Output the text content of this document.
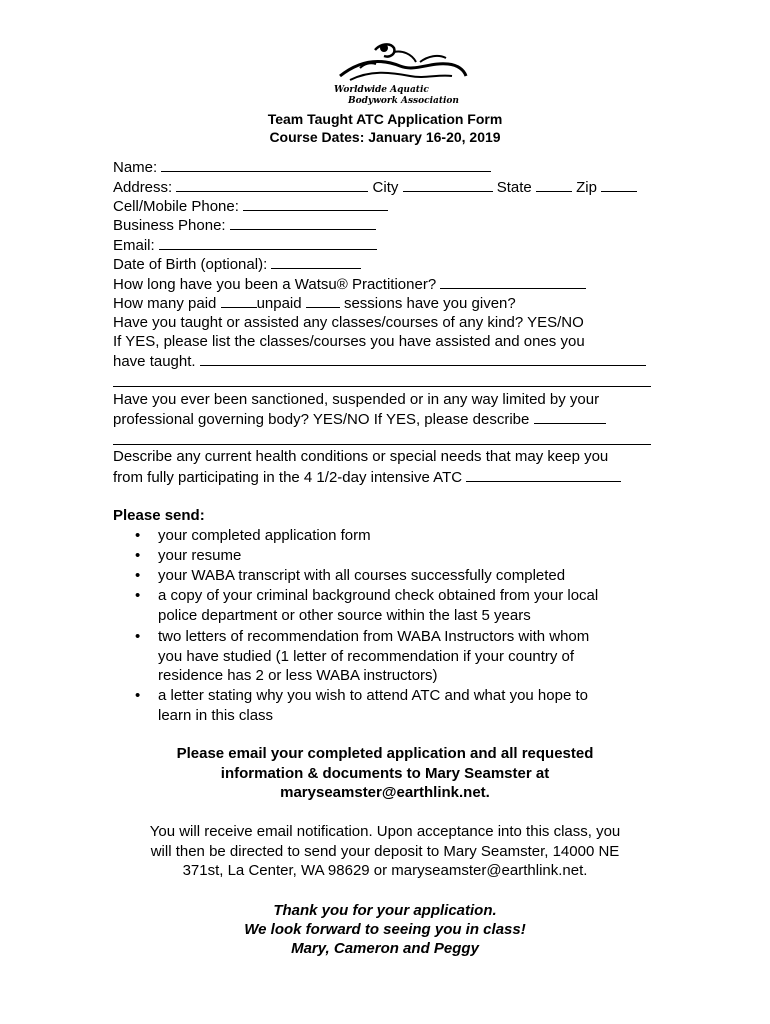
Worldwide Aquatic
Bodywork Association
Team Taught ATC Application Form
Course Dates: January 16-20, 2019
Name:
Address:	City	State	Zip
Cell/Mobile Phone:
Business Phone:
Email:
Date of Birth (optional):
How long have you been a Watsu® Practitioner?
How many paid	unpaid	sessions have you given?
Have you taught or assisted any classes/courses of any kind? YES/NO
If YES, please list the classes/courses you have assisted and ones you
have taught.
Have you ever been sanctioned, suspended or in any way limited by your
professional governing body? YES/NO If YES, please describe
Describe any current health conditions or special needs that may keep you
from fully participating in the 4 1/2-day intensive ATC
Please send:
• your completed application form
• your resume
• your WABA transcript with all courses successfully completed
• a copy of your criminal background check obtained from your local
police department or other source within the last 5 years
• two letters of recommendation from WABA Instructors with whom
you have studied (1 letter of recommendation if your country of
residence has 2 or less WABA instructors)
• a letter stating why you wish to attend ATC and what you hope to
learn in this class
Please email your completed application and all requested
information & documents to Mary Seamster at
maryseamster@earthlink.net.
You will receive email notification. Upon acceptance into this class, you
will then be directed to send your deposit to Mary Seamster, 14000 NE
371st, La Center, WA 98629 or maryseamster@earthlink.net.
Thank you for your application.
We look forward to seeing you in class!
Mary, Cameron and Peggy
